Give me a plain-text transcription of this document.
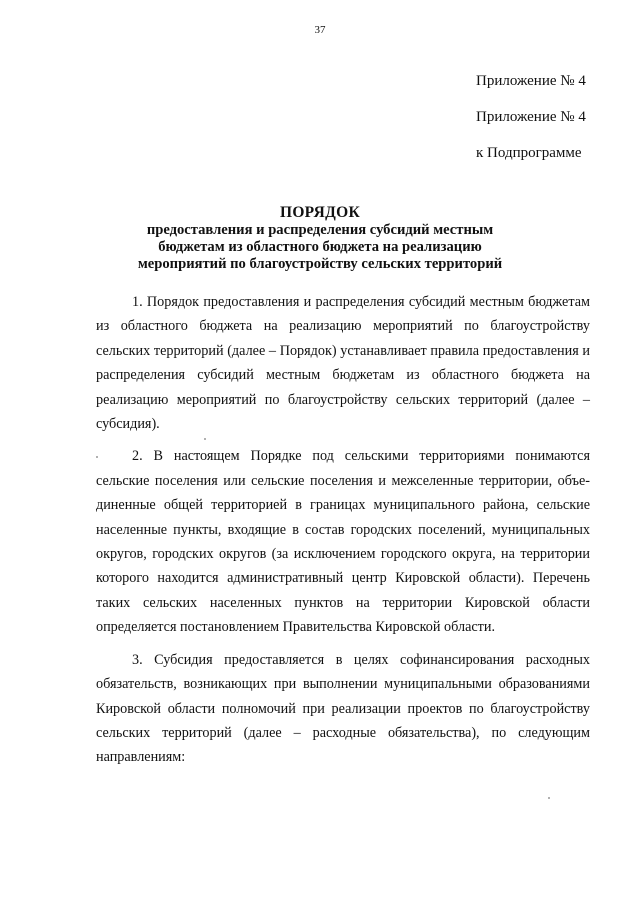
37
Приложение № 4
Приложение № 4
к Подпрограмме
ПОРЯДОК
предоставления и распределения субсидий местным
бюджетам из областного бюджета на реализацию
мероприятий по благоустройству сельских территорий

1. Порядок предоставления и распределения субсидий местным бюджетам из областного бюджета на реализацию мероприятий по благоустройству сельских территорий (далее – Порядок) устанавливает правила предоставления и распределения субсидий местным бюджетам из областного бюджета на реализацию мероприятий по благоустройству сельских территорий (далее – субсидия).

2. В настоящем Порядке под сельскими территориями понимаются сельские поселения или сельские поселения и межселенные территории, объединенные общей территорией в границах муниципального района, сельские населенные пункты, входящие в состав городских поселений, муниципальных округов, городских округов (за исключением городского округа, на территории которого находится административный центр Кировской области). Перечень таких сельских населенных пунктов на территории Кировской области определяется постановлением Правительства Кировской области.

3. Субсидия предоставляется в целях софинансирования расходных обязательств, возникающих при выполнении муниципальными образованиями Кировской области полномочий при реализации проектов по благоустройству сельских территорий (далее – расходные обязательства), по следующим направлениям:
